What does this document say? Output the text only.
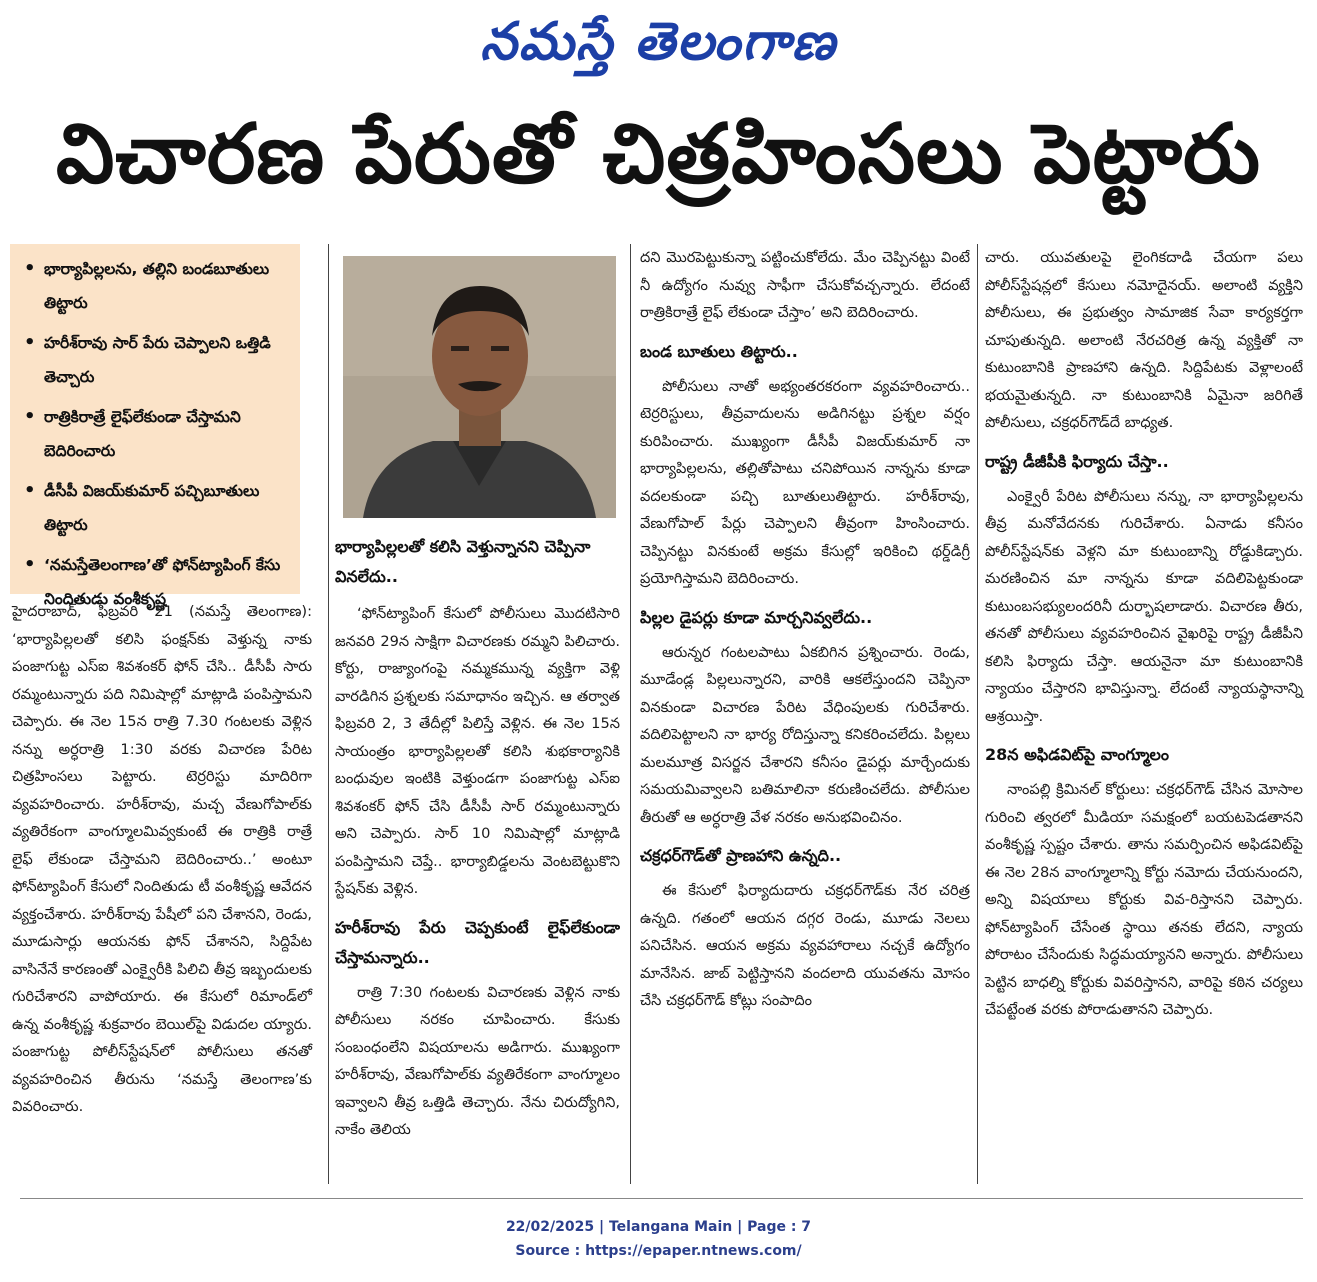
నమస్తే తెలంగాణ
విచారణ పేరుతో చిత్రహింసలు పెట్టారు
• భార్యాపిల్లలను, తల్లిని బండబూతులు తిట్టారు
• హరీశ్‌రావు సార్ పేరు చెప్పాలని ఒత్తిడి తెచ్చారు
• రాత్రికిరాత్రే లైఫ్‌లేకుండా చేస్తామని బెదిరించారు
• డీసీపీ విజయ్‌కుమార్ పచ్చిబూతులు తిట్టారు
• ‘నమస్తేతెలంగాణ’తో ఫోన్‌ట్యాపింగ్ కేసు నిందితుడు వంశీకృష్ణ
భార్యాపిల్లలతో కలిసి వెళ్తున్నానని చెప్పినా వినలేదు..

హైదరాబాద్, ఫిబ్రవరి 21 (నమస్తే తెలంగాణ): ‘భార్యాపిల్లలతో కలిసి ఫంక్షన్‌కు వెళ్తున్న నాకు పంజాగుట్ట ఎస్‌ఐ శివశంకర్ ఫోన్ చేసి.. డీసీపీ సారు రమ్మంటున్నారు పది నిమిషాల్లో మాట్లాడి పంపిస్తామని చెప్పారు. ఈ నెల 15న రాత్రి 7.30 గంటలకు వెళ్లిన నన్ను అర్ధరాత్రి 1:30 వరకు విచారణ పేరిట చిత్రహింసలు పెట్టారు. టెర్రరిస్టు మాదిరిగా వ్యవహరించారు. హరీశ్‌రావు, మచ్చ వేణుగోపాల్‌కు వ్యతిరేకంగా వాంగ్మూలమివ్వకుంటే ఈ రాత్రికి రాత్రే లైఫ్ లేకుండా చేస్తామని బెదిరించారు..’ అంటూ ఫోన్‌ట్యాపింగ్ కేసులో నిందితుడు టీ వంశీకృష్ణ ఆవేదన వ్యక్తంచేశారు. హరీశ్‌రావు పేషీలో పని చేశానని, రెండు, మూడుసార్లు ఆయనకు ఫోన్ చేశానని, సిద్దిపేట వాసినేనే కారణంతో ఎంక్వైరీకి పిలిచి తీవ్ర ఇబ్బందులకు గురిచేశారని వాపోయారు. ఈ కేసులో రిమాండ్‌లో ఉన్న వంశీకృష్ణ శుక్రవారం బెయిల్‌పై విడుదల య్యారు. పంజాగుట్ట పోలీస్‌స్టేషన్‌లో పోలీసులు తనతో వ్యవహరించిన తీరును ‘నమస్తే తెలంగాణ’కు వివరించారు.

‘ఫోన్‌ట్యాపింగ్ కేసులో పోలీసులు మొదటిసారి జనవరి 29న సాక్షిగా విచారణకు రమ్మని పిలిచారు. కోర్టు, రాజ్యాంగంపై నమ్మకమున్న వ్యక్తిగా వెళ్లి వారడిగిన ప్రశ్నలకు సమాధానం ఇచ్చిన. ఆ తర్వాత ఫిబ్రవరి 2, 3 తేదీల్లో పిలిస్తే వెళ్లిన. ఈ నెల 15న సాయంత్రం భార్యాపిల్లలతో కలిసి శుభకార్యానికి బంధువుల ఇంటికి వెళ్తుండగా పంజాగుట్ట ఎస్‌ఐ శివశంకర్ ఫోన్ చేసి డీసీపీ సార్ రమ్మంటున్నారు అని చెప్పారు. సార్ 10 నిమిషాల్లో మాట్లాడి పంపిస్తామని చెప్తే.. భార్యాబిడ్డలను వెంటబెట్టుకొని స్టేషన్‌కు వెళ్లిన.

హరీశ్‌రావు పేరు చెప్పకుంటే లైఫ్‌లేకుండా చేస్తామన్నారు..

రాత్రి 7:30 గంటలకు విచారణకు వెళ్లిన నాకు పోలీసులు నరకం చూపించారు. కేసుకు సంబంధంలేని విషయాలను అడిగారు. ముఖ్యంగా హరీశ్‌రావు, వేణుగోపాల్‌కు వ్యతిరేకంగా వాంగ్మూలం ఇవ్వాలని తీవ్ర ఒత్తిడి తెచ్చారు. నేను చిరుద్యోగిని, నాకేం తెలియ

దని మొరపెట్టుకున్నా పట్టించుకోలేదు. మేం చెప్పినట్టు వింటే నీ ఉద్యోగం నువ్వు సాఫీగా చేసుకోవచ్చన్నారు. లేదంటే రాత్రికిరాత్రే లైఫ్ లేకుండా చేస్తాం’ అని బెదిరించారు.

బండ బూతులు తిట్టారు..

పోలీసులు నాతో అభ్యంతరకరంగా వ్యవహరించారు.. టెర్రరిస్టులు, తీవ్రవాదులను అడిగినట్టు ప్రశ్నల వర్షం కురిపించారు. ముఖ్యంగా డీసీపీ విజయ్‌కుమార్ నా భార్యాపిల్లలను, తల్లితోపాటు చనిపోయిన నాన్నను కూడా వదలకుండా పచ్చి బూతులుతిట్టారు. హరీశ్‌రావు, వేణుగోపాల్ పేర్లు చెప్పాలని తీవ్రంగా హింసించారు. చెప్పినట్టు వినకుంటే అక్రమ కేసుల్లో ఇరికించి థర్డ్‌డిగ్రీ ప్రయోగిస్తామని బెదిరించారు.

పిల్లల డైపర్లు కూడా మార్చనివ్వలేదు..

ఆరున్నర గంటలపాటు ఏకబిగిన ప్రశ్నించారు. రెండు, మూడేండ్ల పిల్లలున్నారని, వారికి ఆకలేస్తుందని చెప్పినా వినకుండా విచారణ పేరిట వేధింపులకు గురిచేశారు. వదిలిపెట్టాలని నా భార్య రోదిస్తున్నా కనికరించలేదు. పిల్లలు మలమూత్ర విసర్జన చేశారని కనీసం డైపర్లు మార్చేందుకు సమయమివ్వాలని బతిమాలినా కరుణించలేదు. పోలీసుల తీరుతో ఆ అర్ధరాత్రి వేళ నరకం అనుభవించినం.

చక్రధర్‌గౌడ్‌తో ప్రాణహాని ఉన్నది..

ఈ కేసులో ఫిర్యాదుదారు చక్రధర్‌గౌడ్‌కు నేర చరిత్ర ఉన్నది. గతంలో ఆయన దగ్గర రెండు, మూడు నెలలు పనిచేసిన. ఆయన అక్రమ వ్యవహారాలు నచ్చకే ఉద్యోగం మానేసిన. జాబ్ పెట్టిస్తానని వందలాది యువతను మోసం చేసి చక్రధర్‌గౌడ్ కోట్లు సంపాదిం

చారు. యువతులపై లైంగికదాడి చేయగా పలు పోలీస్‌స్టేషన్లలో కేసులు నమోదైనయ్. అలాంటి వ్యక్తిని పోలీసులు, ఈ ప్రభుత్వం సామాజిక సేవా కార్యకర్తగా చూపుతున్నది. అలాంటి నేరచరిత్ర ఉన్న వ్యక్తితో నా కుటుంబానికి ప్రాణహాని ఉన్నది. సిద్దిపేటకు వెళ్లాలంటే భయమైతున్నది. నా కుటుంబానికి ఏమైనా జరిగితే పోలీసులు, చక్రధర్‌గౌడ్‌దే బాధ్యత.

రాష్ట్ర డీజీపీకి ఫిర్యాదు చేస్తా..

ఎంక్వైరీ పేరిట పోలీసులు నన్ను, నా భార్యాపిల్లలను తీవ్ర మనోవేదనకు గురిచేశారు. ఏనాడు కనీసం పోలీస్‌స్టేషన్‌కు వెళ్లని మా కుటుంబాన్ని రోడ్డుకిడ్చారు. మరణించిన మా నాన్నను కూడా వదిలిపెట్టకుండా కుటుంబసభ్యులందరినీ దుర్భాషలాడారు. విచారణ తీరు, తనతో పోలీసులు వ్యవహరించిన వైఖరిపై రాష్ట్ర డీజీపీని కలిసి ఫిర్యాదు చేస్తా. ఆయనైనా మా కుటుంబానికి న్యాయం చేస్తారని భావిస్తున్నా. లేదంటే న్యాయస్థానాన్ని ఆశ్రయిస్తా.

28న అఫిడవిట్‌పై వాంగ్మూలం

నాంపల్లి క్రిమినల్ కోర్టులు: చక్రధర్‌గౌడ్ చేసిన మోసాల గురించి త్వరలో మీడియా సమక్షంలో బయటపెడతానని వంశీకృష్ణ స్పష్టం చేశారు. తాను సమర్పించిన అఫిడవిట్‌పై ఈ నెల 28న వాంగ్మూలాన్ని కోర్టు నమోదు చేయనుందని, అన్ని విషయాలు కోర్టుకు వివ-రిస్తానని చెప్పారు. ఫోన్‌ట్యాపింగ్ చేసేంత స్థాయి తనకు లేదని, న్యాయ పోరాటం చేసేందుకు సిద్ధమయ్యానని అన్నారు. పోలీసులు పెట్టిన బాధల్ని కోర్టుకు వివరిస్తానని, వారిపై కఠిన చర్యలు చేపట్టేంత వరకు పోరాడుతానని చెప్పారు.

22/02/2025 | Telangana Main | Page : 7
Source : https://epaper.ntnews.com/
